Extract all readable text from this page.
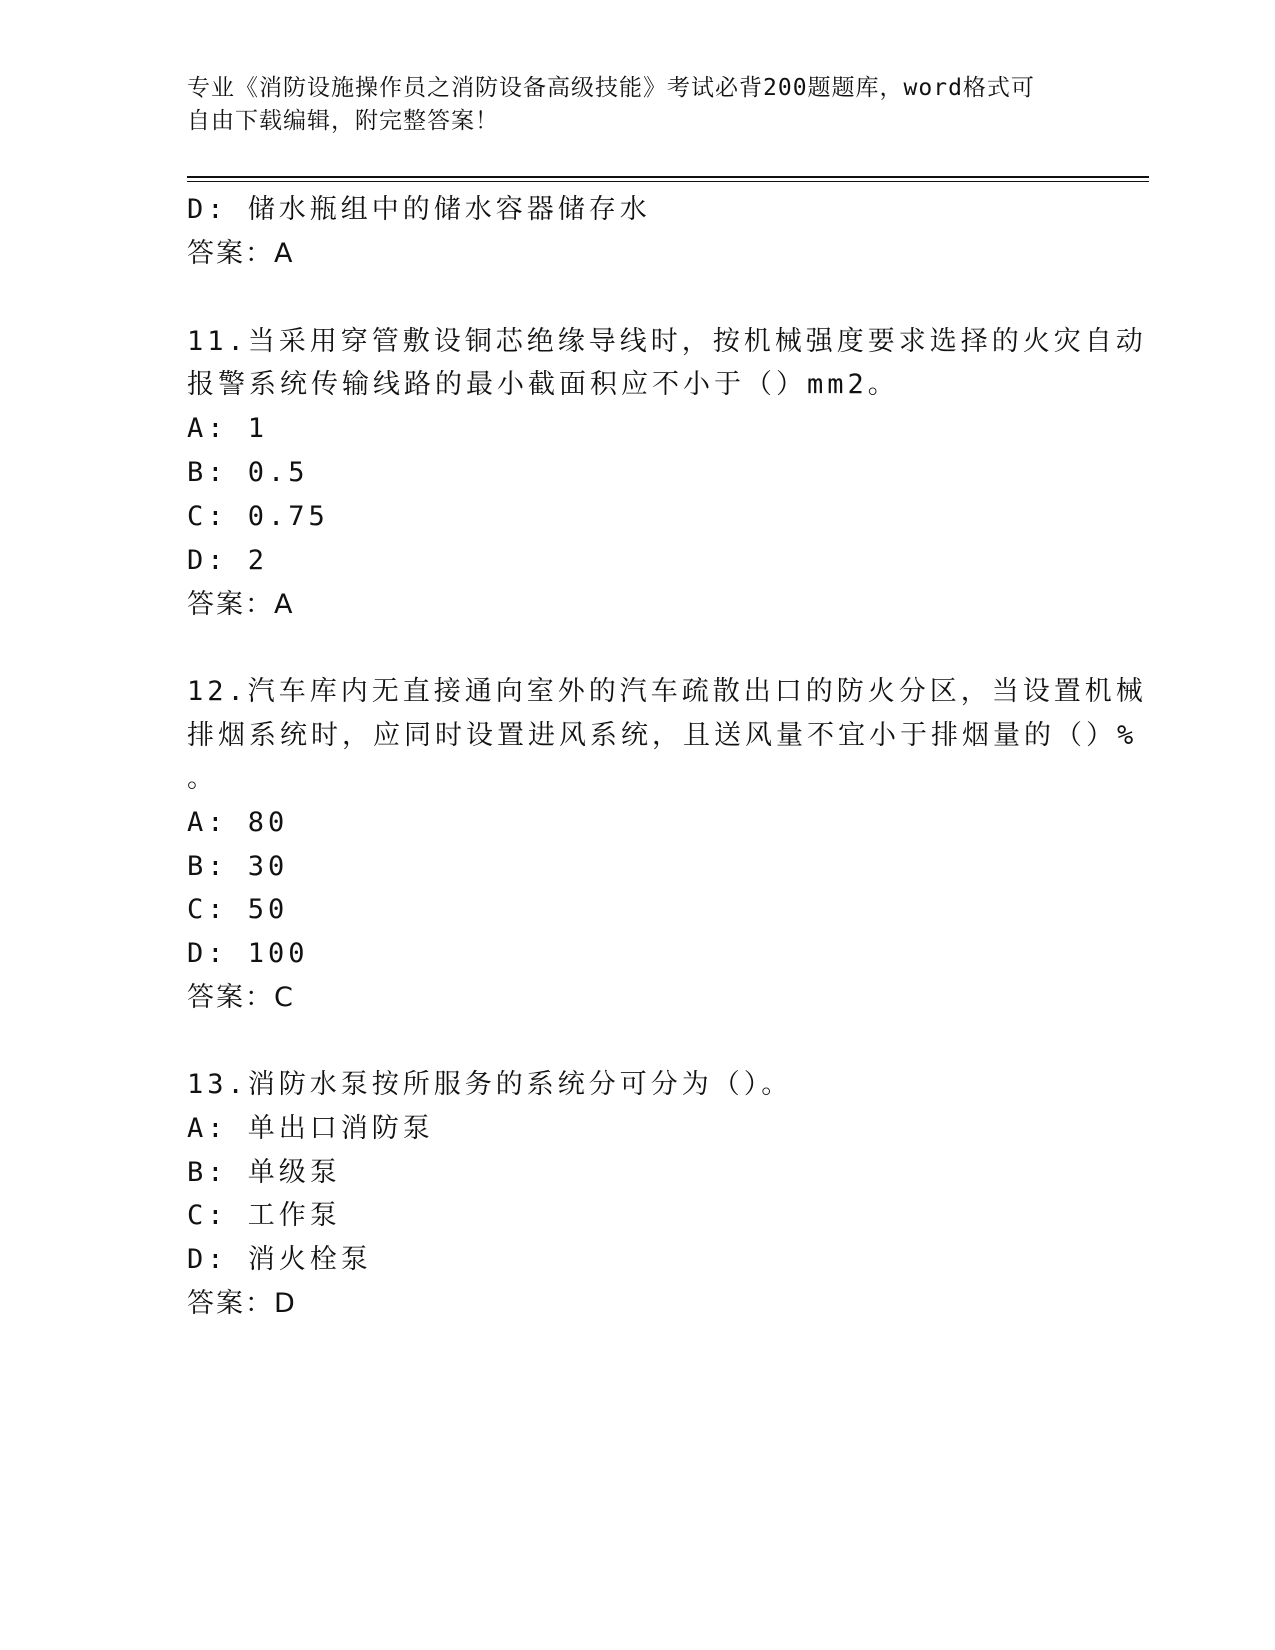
专业《消防设施操作员之消防设备高级技能》考试必背200题题库，word格式可
自由下载编辑，附完整答案！
D: 储水瓶组中的储水容器储存水
答案：A
11.当采用穿管敷设铜芯绝缘导线时，按机械强度要求选择的火灾自动
报警系统传输线路的最小截面积应不小于（）mm2。
A: 1
B: 0.5
C: 0.75
D: 2
答案：A
12.汽车库内无直接通向室外的汽车疏散出口的防火分区，当设置机械
排烟系统时，应同时设置进风系统，且送风量不宜小于排烟量的（）%
。
A: 80
B: 30
C: 50
D: 100
答案：C
13.消防水泵按所服务的系统分可分为（）。
A: 单出口消防泵
B: 单级泵
C: 工作泵
D: 消火栓泵
答案：D
